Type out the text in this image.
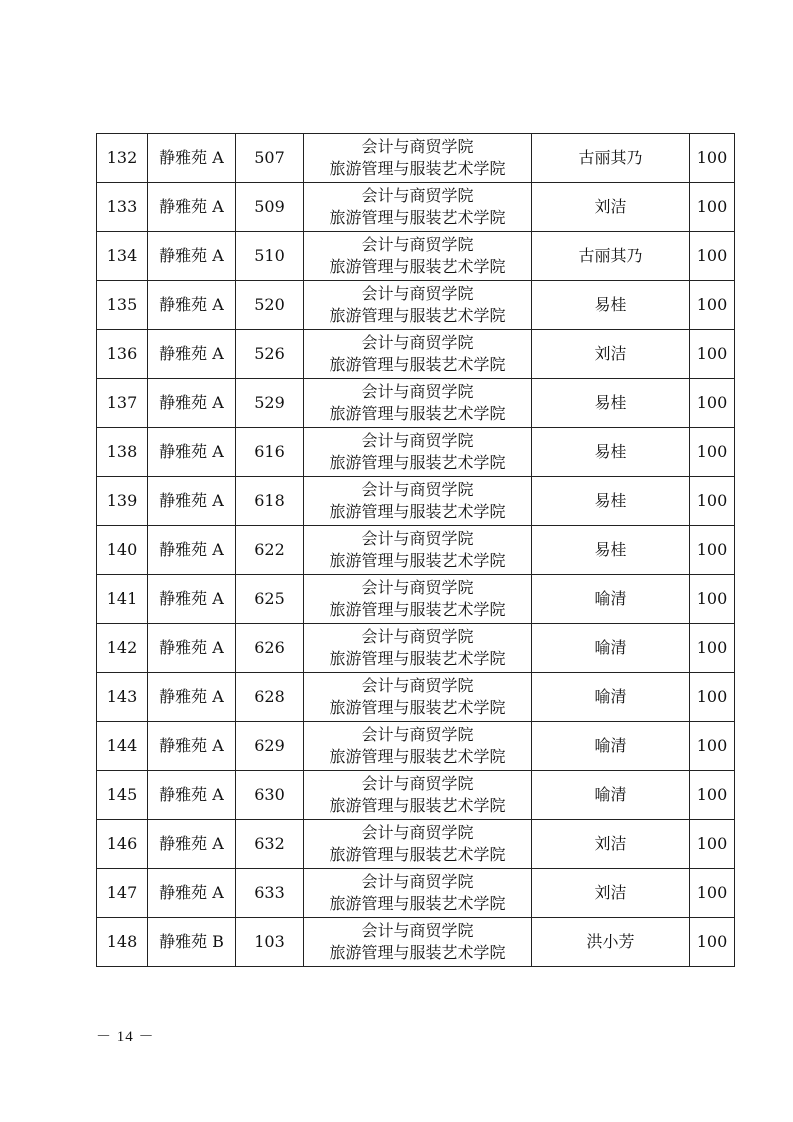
132	静雅苑 A	507	会计与商贸学院
旅游管理与服装艺术学院	古丽其乃	100
133	静雅苑 A	509	会计与商贸学院
旅游管理与服装艺术学院	刘洁	100
134	静雅苑 A	510	会计与商贸学院
旅游管理与服装艺术学院	古丽其乃	100
135	静雅苑 A	520	会计与商贸学院
旅游管理与服装艺术学院	易桂	100
136	静雅苑 A	526	会计与商贸学院
旅游管理与服装艺术学院	刘洁	100
137	静雅苑 A	529	会计与商贸学院
旅游管理与服装艺术学院	易桂	100
138	静雅苑 A	616	会计与商贸学院
旅游管理与服装艺术学院	易桂	100
139	静雅苑 A	618	会计与商贸学院
旅游管理与服装艺术学院	易桂	100
140	静雅苑 A	622	会计与商贸学院
旅游管理与服装艺术学院	易桂	100
141	静雅苑 A	625	会计与商贸学院
旅游管理与服装艺术学院	喻清	100
142	静雅苑 A	626	会计与商贸学院
旅游管理与服装艺术学院	喻清	100
143	静雅苑 A	628	会计与商贸学院
旅游管理与服装艺术学院	喻清	100
144	静雅苑 A	629	会计与商贸学院
旅游管理与服装艺术学院	喻清	100
145	静雅苑 A	630	会计与商贸学院
旅游管理与服装艺术学院	喻清	100
146	静雅苑 A	632	会计与商贸学院
旅游管理与服装艺术学院	刘洁	100
147	静雅苑 A	633	会计与商贸学院
旅游管理与服装艺术学院	刘洁	100
148	静雅苑 B	103	会计与商贸学院
旅游管理与服装艺术学院	洪小芳	100
－ 14 －
